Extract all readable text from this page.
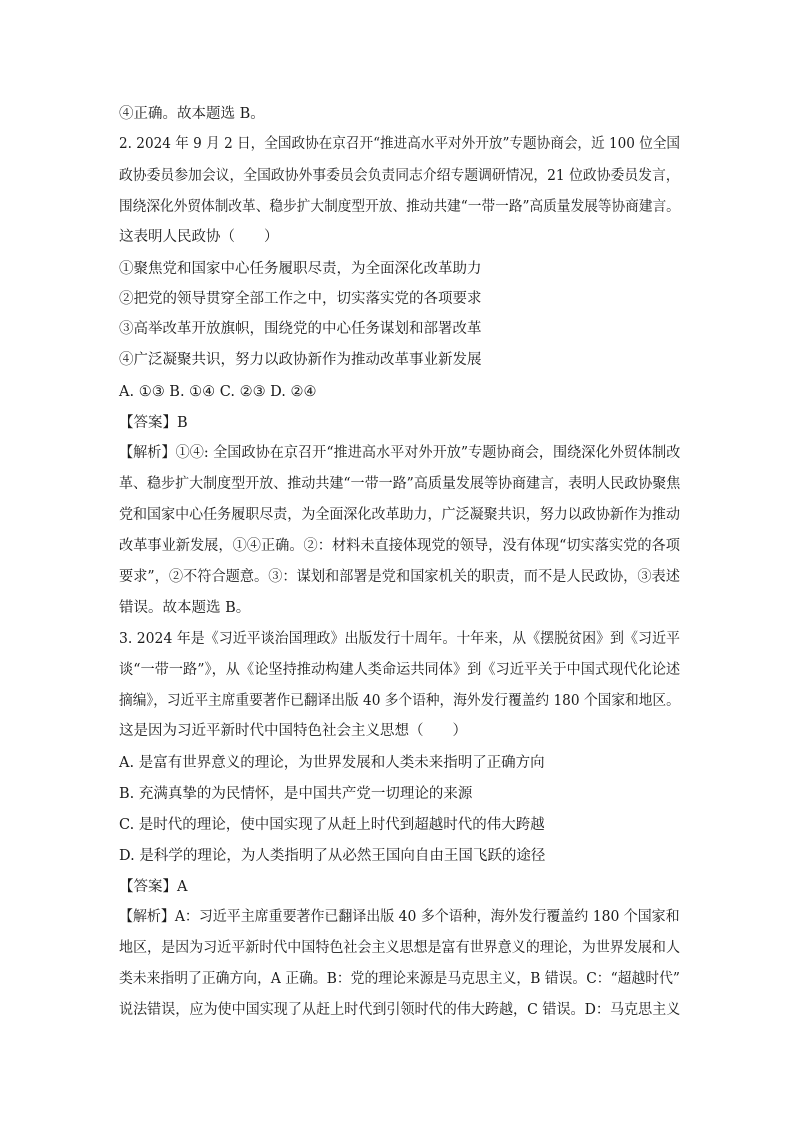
④正确。故本题选 B。
2. 2024 年 9 月 2 日，全国政协在京召开“推进高水平对外开放”专题协商会，近 100 位全国
政协委员参加会议，全国政协外事委员会负责同志介绍专题调研情况，21 位政协委员发言，
围绕深化外贸体制改革、稳步扩大制度型开放、推动共建“一带一路”高质量发展等协商建言。
这表明人民政协（　　）
①聚焦党和国家中心任务履职尽责，为全面深化改革助力
②把党的领导贯穿全部工作之中，切实落实党的各项要求
③高举改革开放旗帜，围绕党的中心任务谋划和部署改革
④广泛凝聚共识，努力以政协新作为推动改革事业新发展
A. ①③ B. ①④ C. ②③ D. ②④
【答案】B
【解析】①④: 全国政协在京召开“推进高水平对外开放”专题协商会，围绕深化外贸体制改
革、稳步扩大制度型开放、推动共建“一带一路”高质量发展等协商建言，表明人民政协聚焦
党和国家中心任务履职尽责，为全面深化改革助力，广泛凝聚共识，努力以政协新作为推动
改革事业新发展，①④正确。②：材料未直接体现党的领导，没有体现“切实落实党的各项
要求”，②不符合题意。③：谋划和部署是党和国家机关的职责，而不是人民政协，③表述
错误。故本题选 B。
3. 2024 年是《习近平谈治国理政》出版发行十周年。十年来，从《摆脱贫困》到《习近平
谈“一带一路”》，从《论坚持推动构建人类命运共同体》到《习近平关于中国式现代化论述
摘编》，习近平主席重要著作已翻译出版 40 多个语种，海外发行覆盖约 180 个国家和地区。
这是因为习近平新时代中国特色社会主义思想（　　）
A. 是富有世界意义的理论，为世界发展和人类未来指明了正确方向
B. 充满真挚的为民情怀，是中国共产党一切理论的来源
C. 是时代的理论，使中国实现了从赶上时代到超越时代的伟大跨越
D. 是科学的理论，为人类指明了从必然王国向自由王国飞跃的途径
【答案】A
【解析】A：习近平主席重要著作已翻译出版 40 多个语种，海外发行覆盖约 180 个国家和
地区，是因为习近平新时代中国特色社会主义思想是富有世界意义的理论，为世界发展和人
类未来指明了正确方向，A 正确。B：党的理论来源是马克思主义，B 错误。C：“超越时代”
说法错误，应为使中国实现了从赶上时代到引领时代的伟大跨越，C 错误。D：马克思主义
